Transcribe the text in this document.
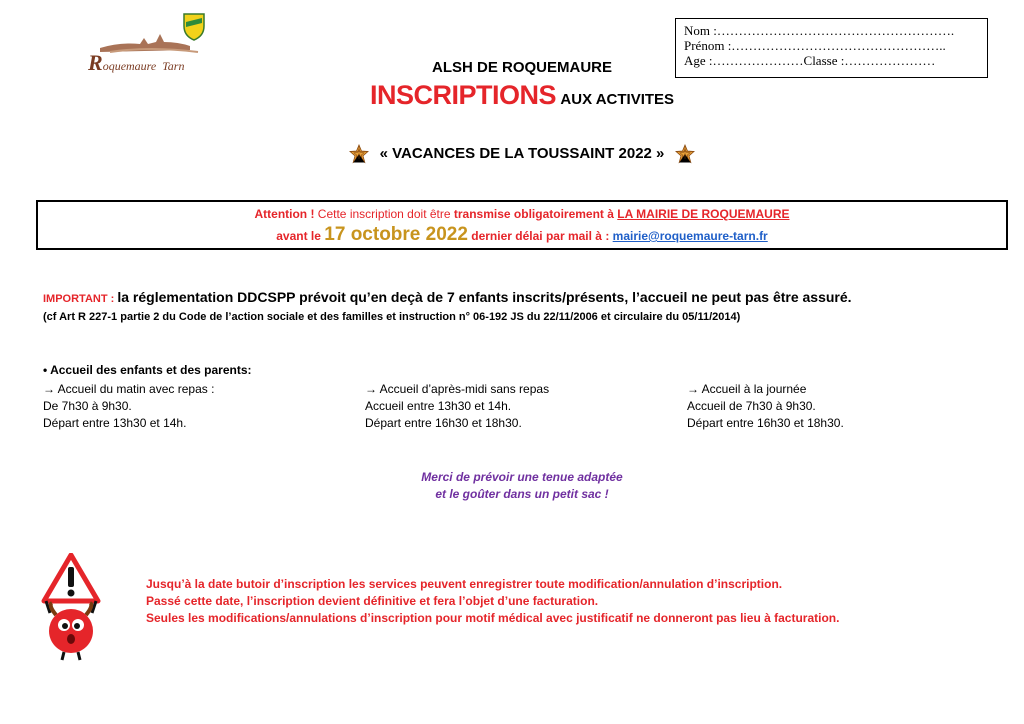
Roquemaure Tarn
Nom :……………………………………………….
Prénom :…………………………………………..
Age :…………………Classe :…………………
ALSH DE ROQUEMAURE
INSCRIPTIONS AUX ACTIVITES
« VACANCES DE LA TOUSSAINT 2022 »
Attention ! Cette inscription doit être transmise obligatoirement à LA MAIRIE DE ROQUEMAURE
avant le 17 octobre 2022 dernier délai par mail à : mairie@roquemaure-tarn.fr
IMPORTANT : la réglementation DDCSPP prévoit qu’en deçà de 7 enfants inscrits/présents, l’accueil ne peut pas être assuré.
(cf Art R 227-1 partie 2 du Code de l’action sociale et des familles et instruction n° 06-192 JS du 22/11/2006 et circulaire du 05/11/2014)
• Accueil des enfants et des parents:
→ Accueil du matin avec repas :
De 7h30 à 9h30.
Départ entre 13h30 et 14h.
→ Accueil d’après-midi sans repas
Accueil entre 13h30 et 14h.
Départ entre 16h30 et 18h30.
→ Accueil à la journée
Accueil de 7h30 à 9h30.
Départ entre 16h30 et 18h30.
Merci de prévoir une tenue adaptée
et le goûter dans un petit sac !
Jusqu’à la date butoir d’inscription les services peuvent enregistrer toute modification/annulation d’inscription.
Passé cette date, l’inscription devient définitive et fera l’objet d’une facturation.
Seules les modifications/annulations d’inscription pour motif médical avec justificatif ne donneront pas lieu à facturation.
